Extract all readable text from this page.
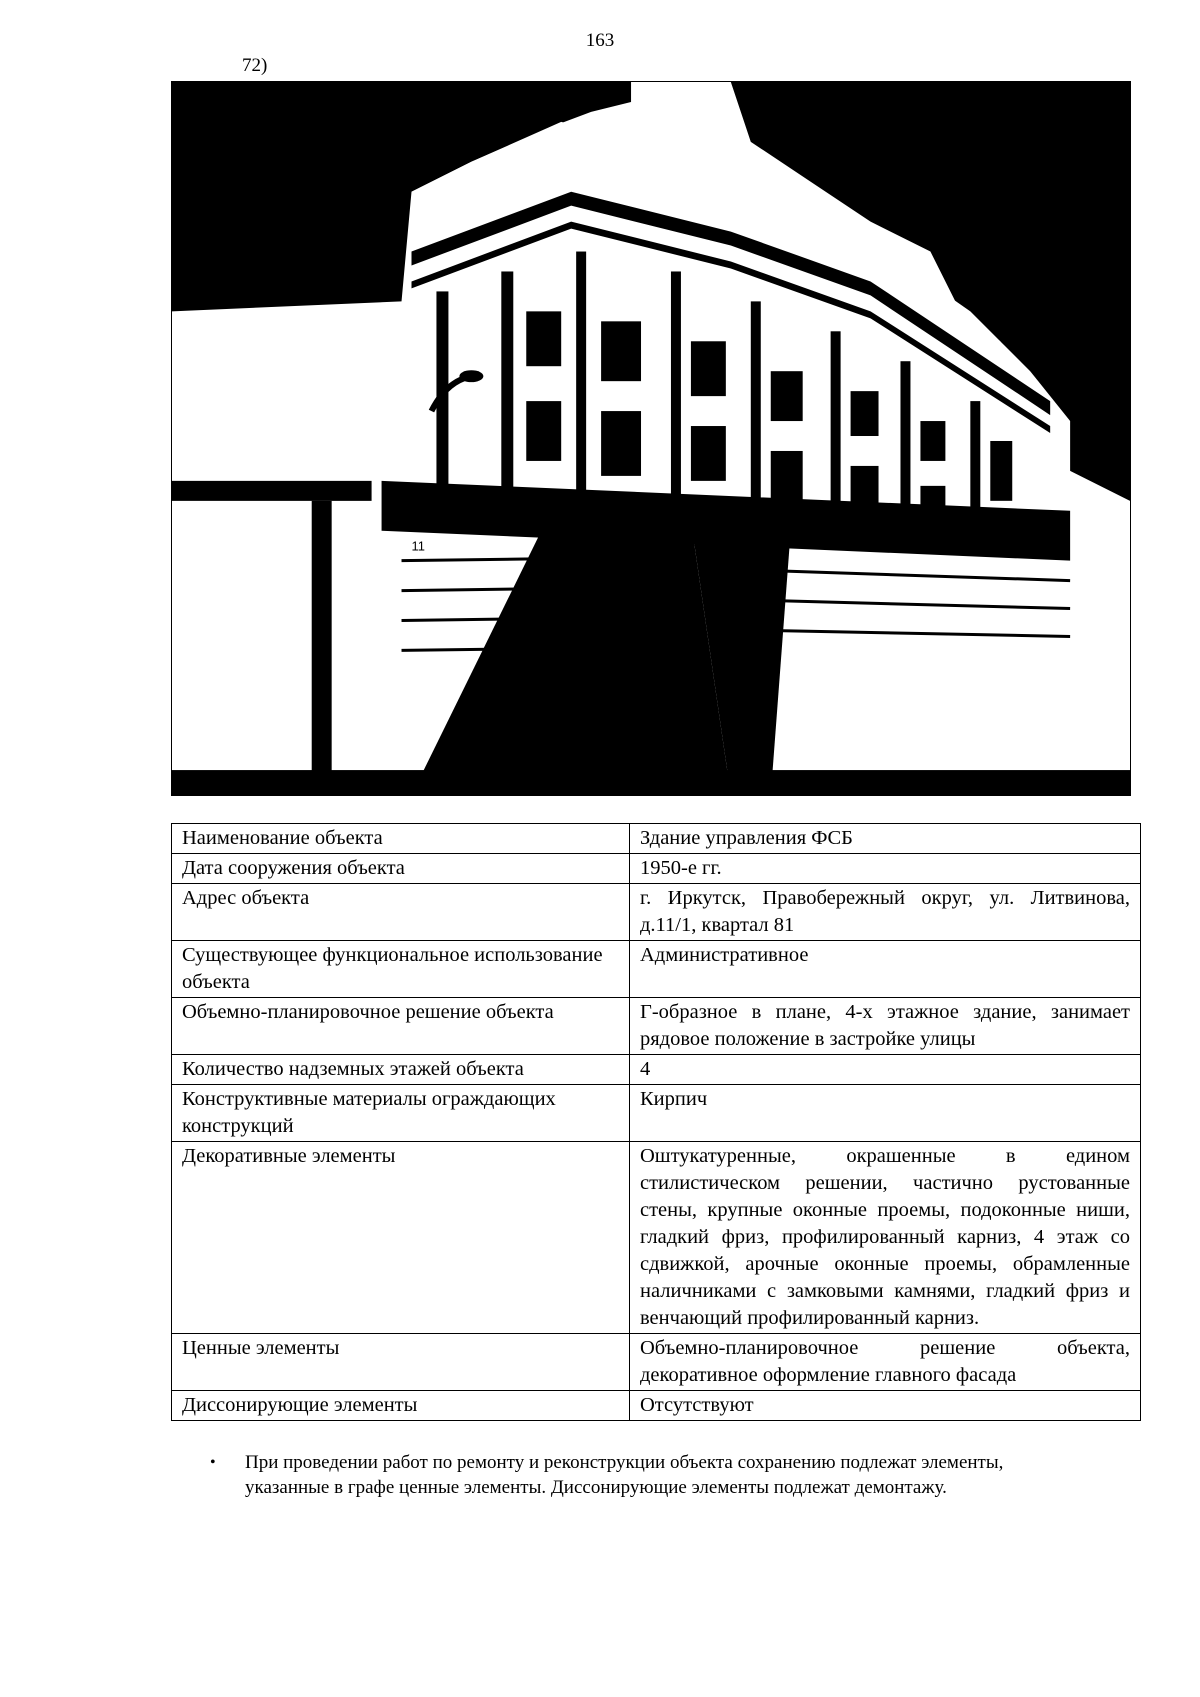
163
72)
11
Наименование объекта	Здание управления ФСБ
Дата сооружения объекта	1950-е гг.
Адрес объекта	г. Иркутск, Правобережный округ, ул. Литвинова, д.11/1, квартал 81
Существующее функциональное использование объекта	Административное
Объемно-планировочное решение объекта	Г-образное в плане, 4-х этажное здание, занимает рядовое положение в застройке улицы
Количество надземных этажей объекта	4
Конструктивные материалы ограждающих конструкций	Кирпич
Декоративные элементы	Оштукатуренные, окрашенные в едином стилистическом решении, частично рустованные стены, крупные оконные проемы, подоконные ниши, гладкий фриз, профилированный карниз, 4 этаж со сдвижкой, арочные оконные проемы, обрамленные наличниками с замковыми камнями, гладкий фриз и венчающий профилированный карниз.
Ценные элементы	Объемно-планировочное решение объекта, декоративное оформление главного фасада
Диссонирующие элементы	Отсутствуют
• При проведении работ по ремонту и реконструкции объекта сохранению подлежат элементы, указанные в графе ценные элементы. Диссонирующие элементы подлежат демонтажу.
